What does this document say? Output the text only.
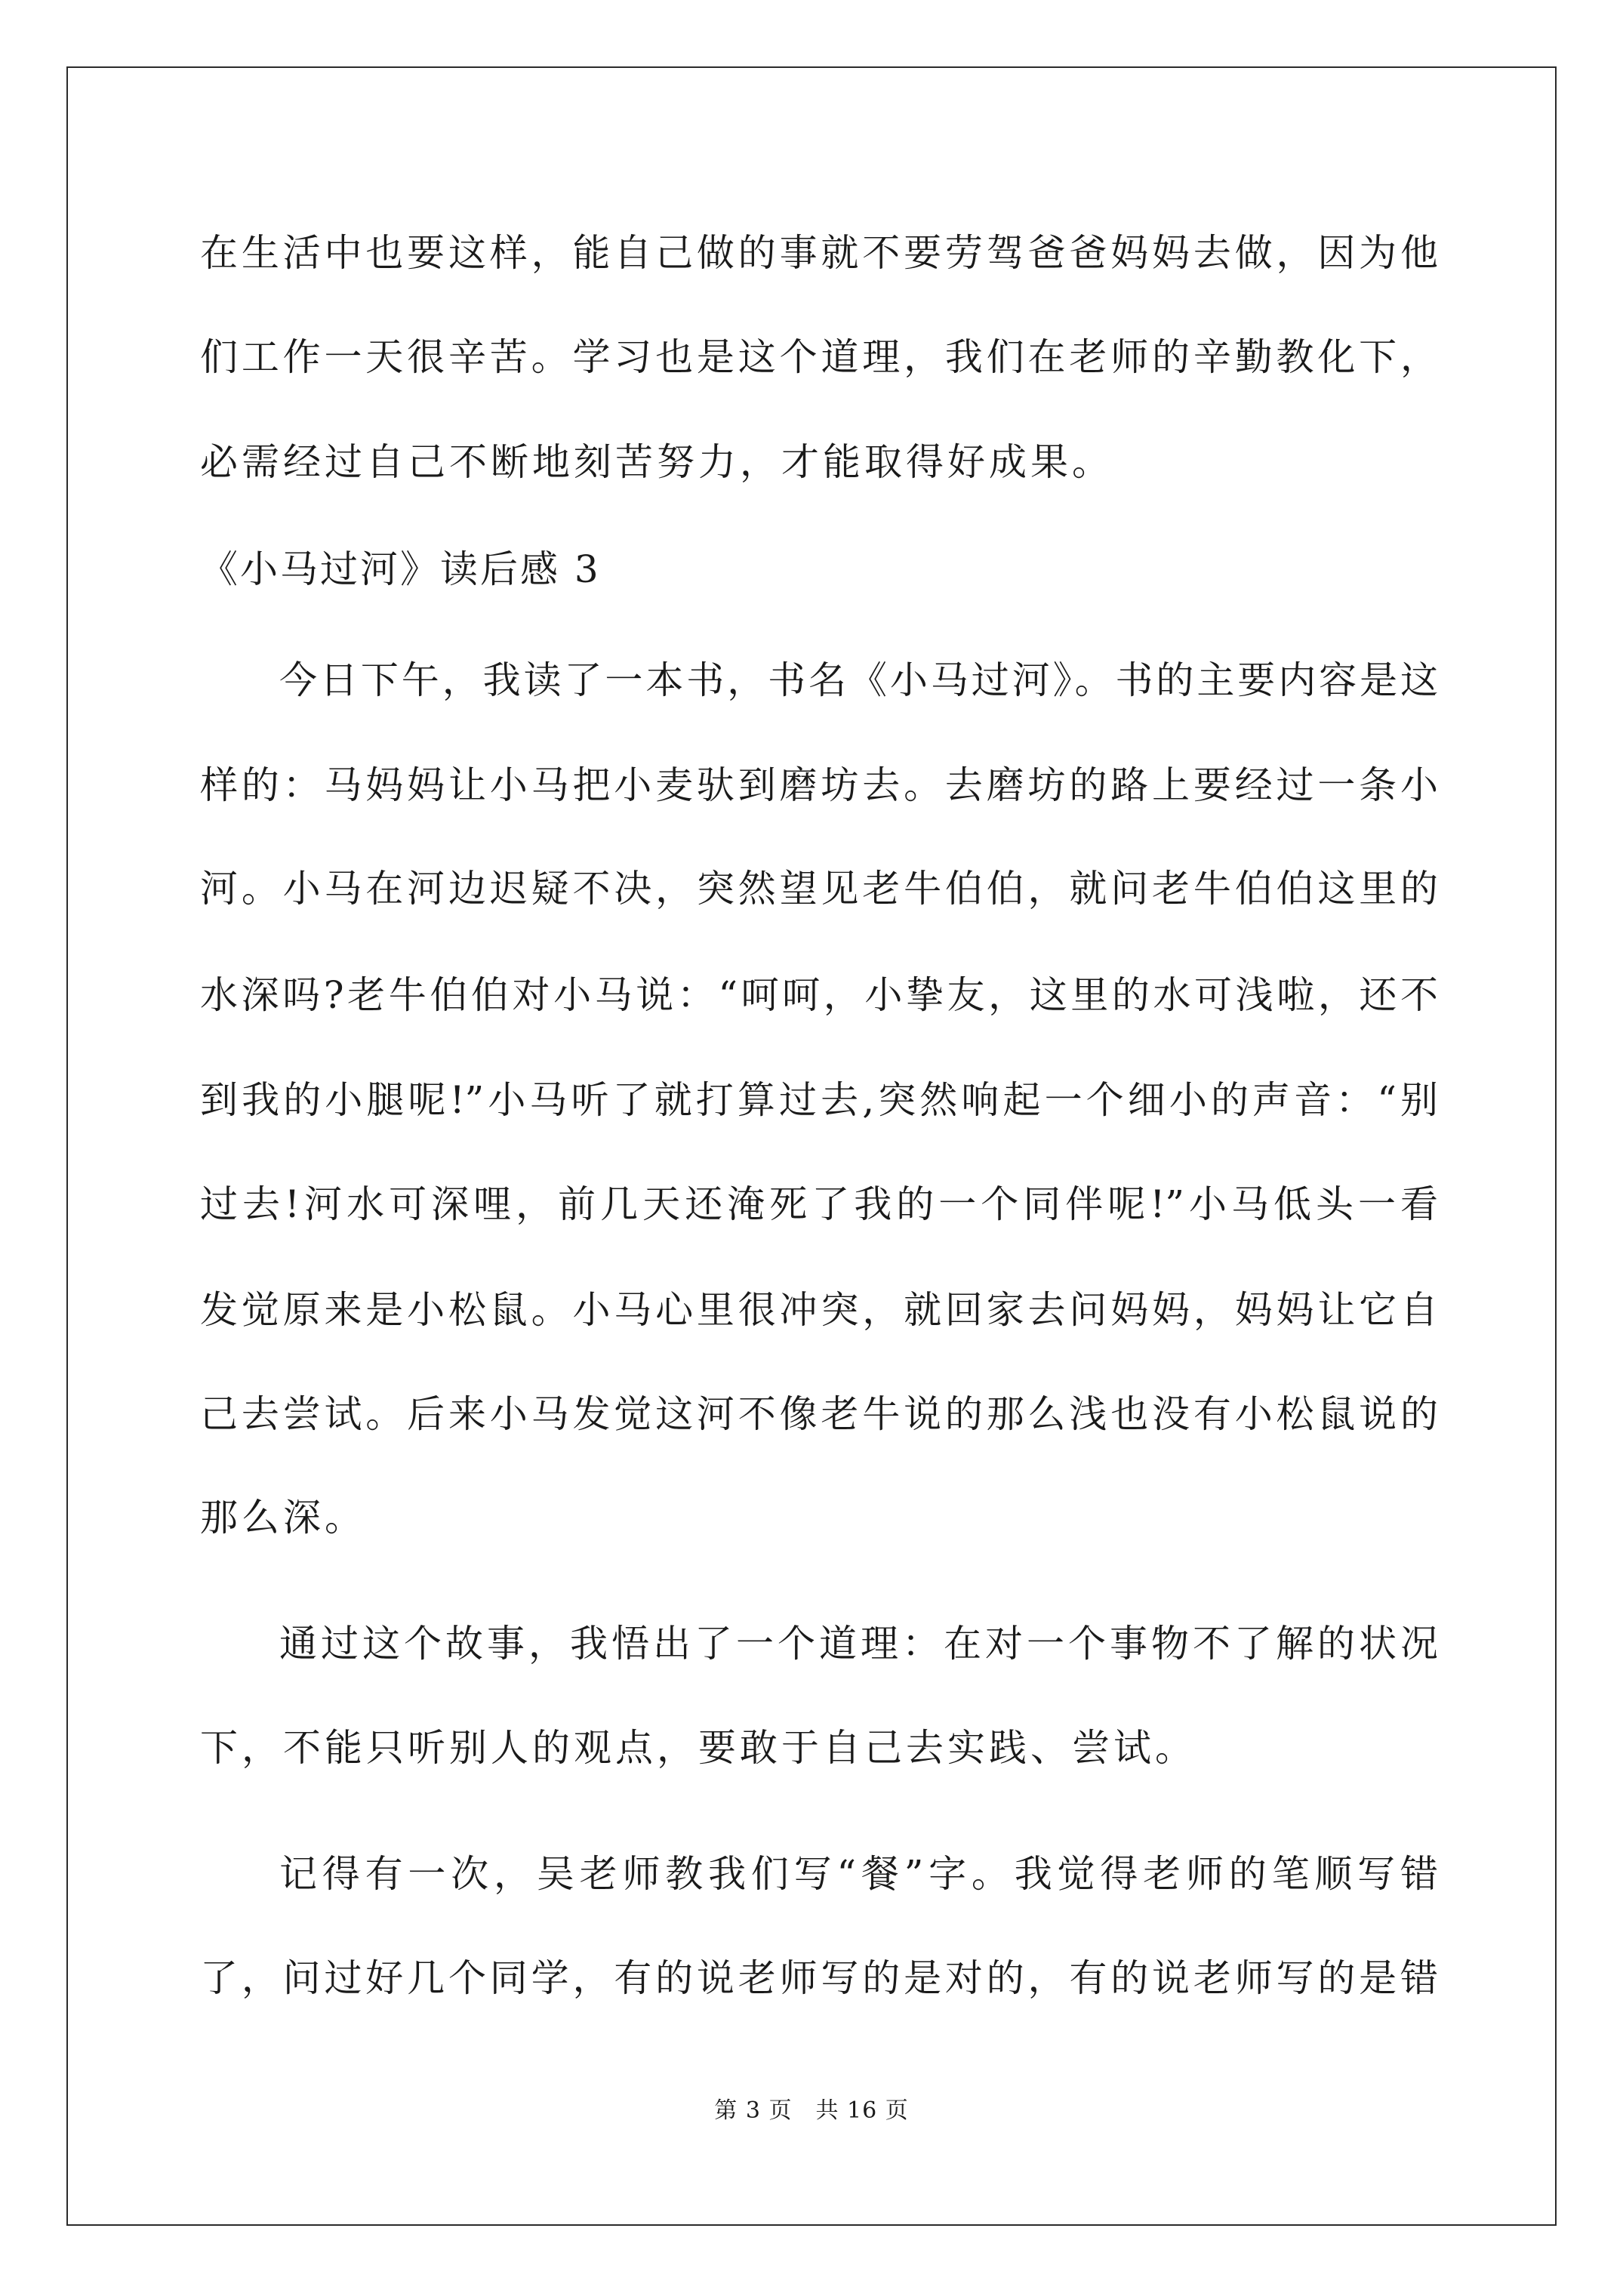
在生活中也要这样，能自己做的事就不要劳驾爸爸妈妈去做，因为他
们工作一天很辛苦。学习也是这个道理，我们在老师的辛勤教化下，
必需经过自己不断地刻苦努力，才能取得好成果。
《小马过河》读后感 3
今日下午，我读了一本书，书名《小马过河》。书的主要内容是这
样的：马妈妈让小马把小麦驮到磨坊去。去磨坊的路上要经过一条小
河。小马在河边迟疑不决，突然望见老牛伯伯，就问老牛伯伯这里的
水深吗?老牛伯伯对小马说：“呵呵，小挚友，这里的水可浅啦，还不
到我的小腿呢!”小马听了就打算过去,突然响起一个细小的声音：“别
过去!河水可深哩，前几天还淹死了我的一个同伴呢!”小马低头一看
发觉原来是小松鼠。小马心里很冲突，就回家去问妈妈，妈妈让它自
己去尝试。后来小马发觉这河不像老牛说的那么浅也没有小松鼠说的
那么深。
通过这个故事，我悟出了一个道理：在对一个事物不了解的状况
下，不能只听别人的观点，要敢于自己去实践、尝试。
记得有一次，吴老师教我们写“餐”字。我觉得老师的笔顺写错
了，问过好几个同学，有的说老师写的是对的，有的说老师写的是错
第 3 页　共 16 页
